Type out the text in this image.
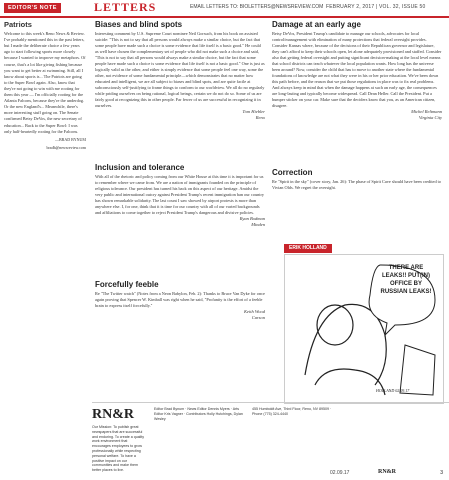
EDITOR'S NOTE	LETTERS	EMAIL LETTERS TO: BIOLETTERS@NEWSREVIEW.COM FEBRUARY 2, 2017 | VOL. 32, ISSUE 50
Patriots

Welcome to this week's Reno News & Review. I've probably mentioned this in the past letters, but I made the deliberate choice a few years ago to start following sports more closely because I wanted to improve my metaphors. Of course, that's a lot like giving fishing because you want to get better at swimming. Still, all I know about sports is... The Patriots are going to the Super Bowl again. Also, know that they're not going to win with me rooting for them this year — I'm officially rooting for the Atlanta Falcons, because they're the underdog. Or the new England's... Meanwhile, there's more interesting stuff going on. The Senate confirmed Betsy DeVos, the new secretary of education... Back to the Super Bowl: I was only half-heartedly rooting for the Falcons.

—BRAD BYNUM
bradb@newsreview.com
Biases and blind spots

Interesting comment by U.S. Supreme Court nominee Neil Gorsuch, from his book on assisted suicide: "This is not to say that all persons would always make a similar choice, but the fact that some people have made such a choice is some evidence that life itself is a basic good." He could as well have chosen the complementary set of people who did not make such a choice and said, "This is not to say that all persons would always make a similar choice, but the fact that some people have made such a choice is some evidence that life itself is not a basic good." One is just as logically valid as the other, and either is simply evidence that some people feel one way, some the other, not evidence of some fundamental principle—which demonstrates that no matter how educated and intelligent, we are all subject to biases and blind spots, and are quite facile at subconsciously self-justifying to frame things to conform to our worldview. We all do no regularly while priding ourselves on being rational, logical beings, certain we do not do so. Some of us are fairly good at recognizing this in other people. Far fewer of us are successful in recognizing it in ourselves.

Tom Hiebler
Reno
Inclusion and tolerance

With all of the rhetoric and policy coming from our White House at this time it is important for us to remember where we came from. We are a nation of immigrants founded on the principle of religious tolerance. Our president has turned his back on this aspect of our heritage. Amidst the very public and international outcry against President Trump's recent immigration ban our country has shown remarkable solidarity. The last count I saw showed by airport protests is more than anywhere else. I, for one, think that it is time for our country with all of our varied backgrounds and affiliations to come together to reject President Trump's dangerous and divisive policies.

Ryan Bodman
Minden
Forcefully feeble

Re "The Twitter watch" (Notes from a Neon Babylon, Feb. 2): Thanks to Bruce Van Dyke for once again proving that Spencer W. Kimball was right when he said, "Profanity is the effort of a feeble brain to express itself forcefully."

Keith Wood
Carson
Damage at an early age

Betsy DeVos, President Trump's candidate to manage our schools, advocates for local control/management with elimination of many protections that federal oversight provides. Consider Kansas where, because of the decisions of their Republican governor and legislature, they can't afford to keep their schools open, let alone adequately provisioned and staffed. Consider also that getting federal oversight and putting significant decision-making at the local level means that school districts can teach whatever the local population wants. How long has the universe been around? Now, consider the child that has to move to another state where the fundamental foundations of knowledge are not what they were in his or her prior education. We've been down this path before, and the reason that we put those regulations in place was to fix real problems. And always keep in mind that when the damage happens at such an early age, the consequences are long-lasting and typically become widespread. Call Dean Heller. Call the President. Put a bumper sticker on your car. Make sure that the deciders know that you, as an American citizen, disagree.

Michel Reltmann
Virginia City
Correction

Re "Spirit in the sky" (cover story, Jan. 26): The phase of Spirit Cave should have been credited to Vivian Olds. We regret the oversight.

ERIK HOLLAND
THERE ARE LEAKS!! PUT(IN) OFFICE BY RUSSIAN LEAKS!
HOLLAND 02.09.17
RN&R
Our Mission: To publish great newspapers that are successful and enduring. To create a quality work environment that encourages employees to grow professionally while respecting personal welfare. To have a positive impact on our communities and make them better places to live.
Editor Brad Bynum · News Editor Dennis Myers · Arts Editor Kris Vagner · Contributors Holly Hutchings, Dylan Wesley
455 Humboldt Ave, Third Floor, Reno, NV 89509 · Phone (775) 324-4440
02.09.17	RN&R	3
